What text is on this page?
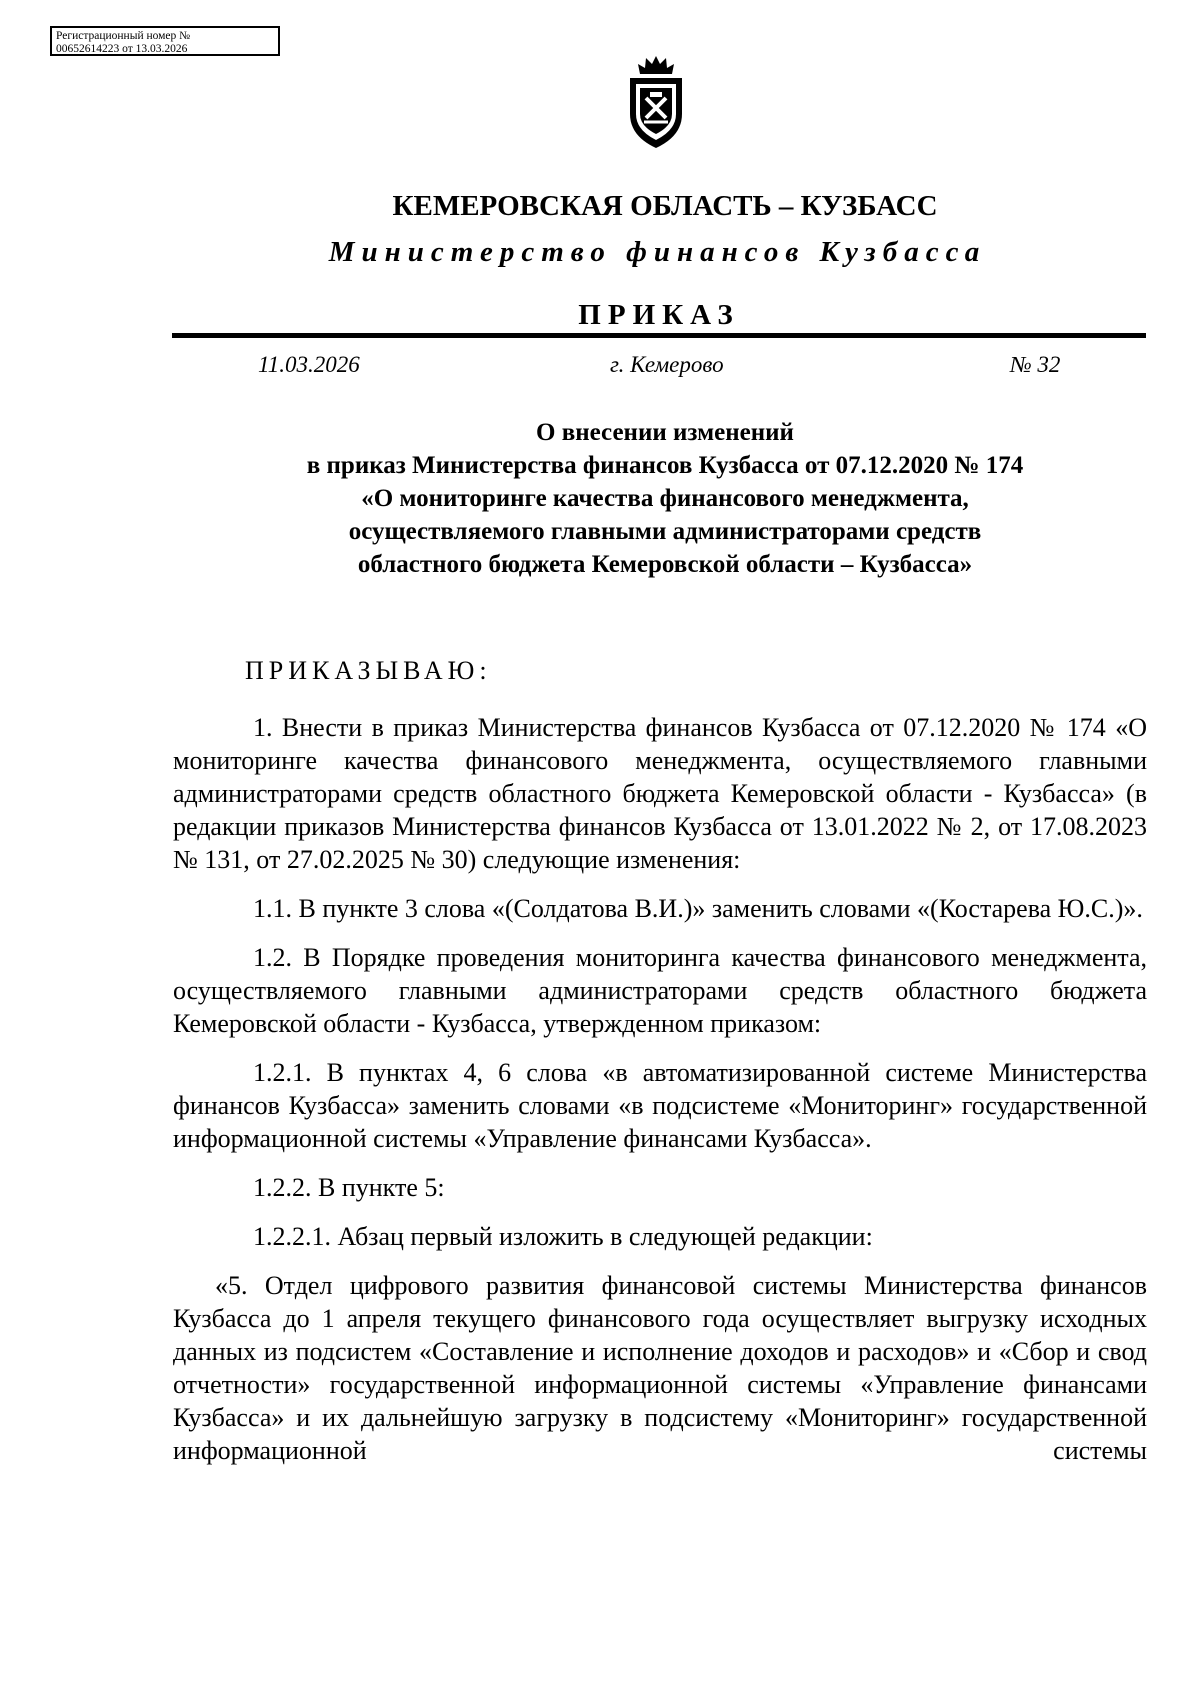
Регистрационный номер №
00652614223 от 13.03.2026
КЕМЕРОВСКАЯ ОБЛАСТЬ – КУЗБАСС
Министерство финансов Кузбасса
ПРИКАЗ
11.03.2026	г. Кемерово	№ 32
О внесении изменений
в приказ Министерства финансов Кузбасса от 07.12.2020 № 174
«О мониторинге качества финансового менеджмента,
осуществляемого главными администраторами средств
областного бюджета Кемеровской области – Кузбасса»
ПРИКАЗЫВАЮ:

1. Внести в приказ Министерства финансов Кузбасса от 07.12.2020 № 174 «О мониторинге качества финансового менеджмента, осуществляемого главными администраторами средств областного бюджета Кемеровской области - Кузбасса» (в редакции приказов Министерства финансов Кузбасса от 13.01.2022 № 2, от 17.08.2023 № 131, от 27.02.2025 № 30) следующие изменения:

1.1. В пункте 3 слова «(Солдатова В.И.)» заменить словами «(Костарева Ю.С.)».

1.2. В Порядке проведения мониторинга качества финансового менеджмента, осуществляемого главными администраторами средств областного бюджета Кемеровской области - Кузбасса, утвержденном приказом:

1.2.1. В пунктах 4, 6 слова «в автоматизированной системе Министерства финансов Кузбасса» заменить словами «в подсистеме «Мониторинг» государственной информационной системы «Управление финансами Кузбасса».

1.2.2. В пункте 5:

1.2.2.1. Абзац первый изложить в следующей редакции:

«5. Отдел цифрового развития финансовой системы Министерства финансов Кузбасса до 1 апреля текущего финансового года осуществляет выгрузку исходных данных из подсистем «Составление и исполнение доходов и расходов» и «Сбор и свод отчетности» государственной информационной системы «Управление финансами Кузбасса» и их дальнейшую загрузку в подсистему «Мониторинг» государственной информационной системы
